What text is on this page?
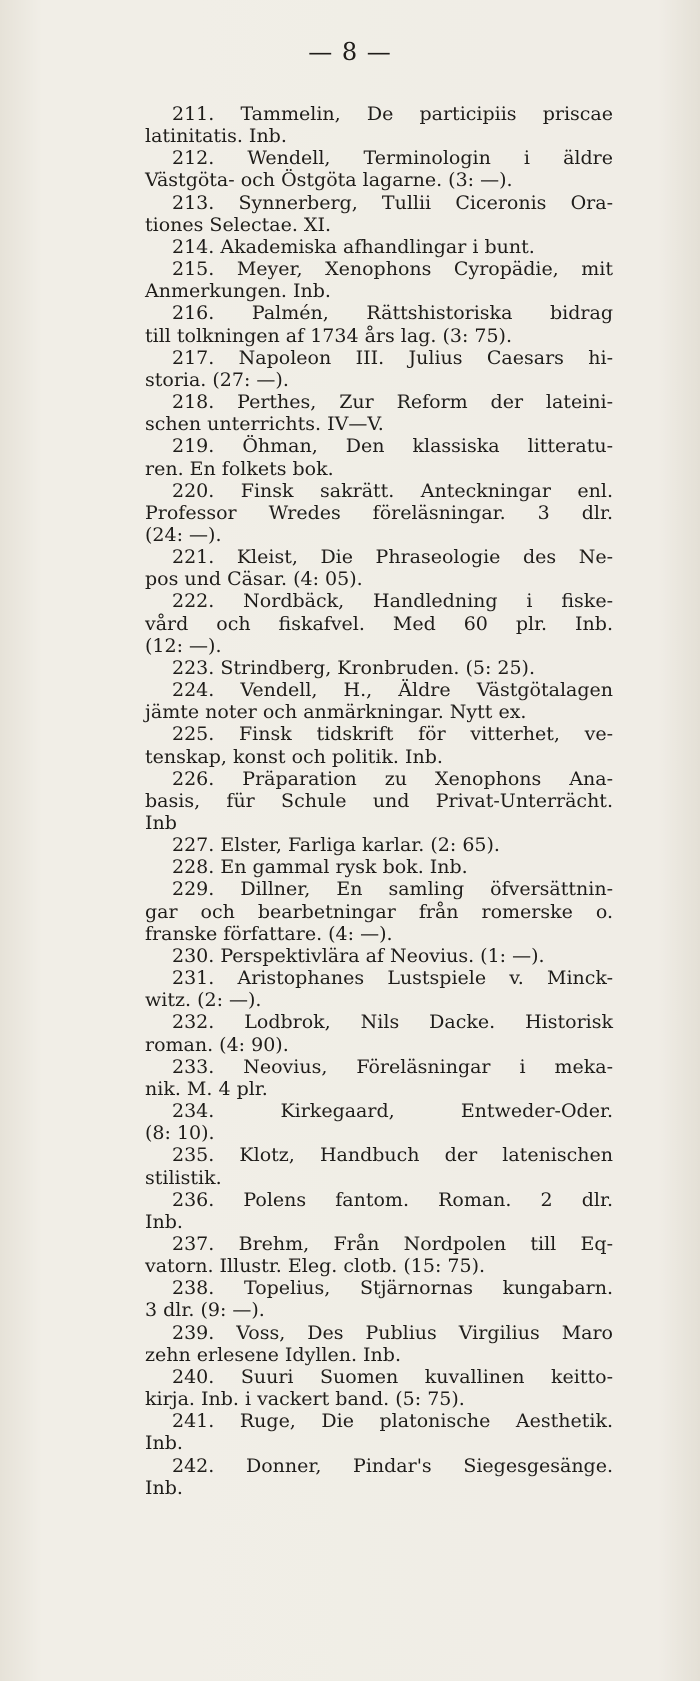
— 8 —

211. Tammelin, De participiis priscae
latinitatis. Inb.

212. Wendell, Terminologin i äldre
Västgöta- och Östgöta lagarne. (3: —).

213. Synnerberg, Tullii Ciceronis Ora-
tiones Selectae. XI.

214. Akademiska afhandlingar i bunt.

215. Meyer, Xenophons Cyropädie, mit
Anmerkungen. Inb.

216. Palmén, Rättshistoriska bidrag
till tolkningen af 1734 års lag. (3: 75).

217. Napoleon III. Julius Caesars hi-
storia. (27: —).

218. Perthes, Zur Reform der lateini-
schen unterrichts. IV—V.

219. Öhman, Den klassiska litteratu-
ren. En folkets bok.

220. Finsk sakrätt. Anteckningar enl.
Professor Wredes föreläsningar. 3 dlr.
(24: —).

221. Kleist, Die Phraseologie des Ne-
pos und Cäsar. (4: 05).

222. Nordbäck, Handledning i fiske-
vård och fiskafvel. Med 60 plr. Inb.
(12: —).

223. Strindberg, Kronbruden. (5: 25).

224. Vendell, H., Äldre Västgötalagen
jämte noter och anmärkningar. Nytt ex.

225. Finsk tidskrift för vitterhet, ve-
tenskap, konst och politik. Inb.

226. Präparation zu Xenophons Ana-
basis, für Schule und Privat-Unterrächt.
Inb

227. Elster, Farliga karlar. (2: 65).

228. En gammal rysk bok. Inb.

229. Dillner, En samling öfversättnin-
gar och bearbetningar från romerske o.
franske författare. (4: —).

230. Perspektivlära af Neovius. (1: —).

231. Aristophanes Lustspiele v. Minck-
witz. (2: —).

232. Lodbrok, Nils Dacke. Historisk
roman. (4: 90).

233. Neovius, Föreläsningar i meka-
nik. M. 4 plr.

234. Kirkegaard, Entweder-Oder.
(8: 10).

235. Klotz, Handbuch der latenischen
stilistik.

236. Polens fantom. Roman. 2 dlr.
Inb.

237. Brehm, Från Nordpolen till Eq-
vatorn. Illustr. Eleg. clotb. (15: 75).

238. Topelius, Stjärnornas kungabarn.
3 dlr. (9: —).

239. Voss, Des Publius Virgilius Maro
zehn erlesene Idyllen. Inb.

240. Suuri Suomen kuvallinen keitto-
kirja. Inb. i vackert band. (5: 75).

241. Ruge, Die platonische Aesthetik.
Inb.

242. Donner, Pindar's Siegesgesänge.
Inb.
